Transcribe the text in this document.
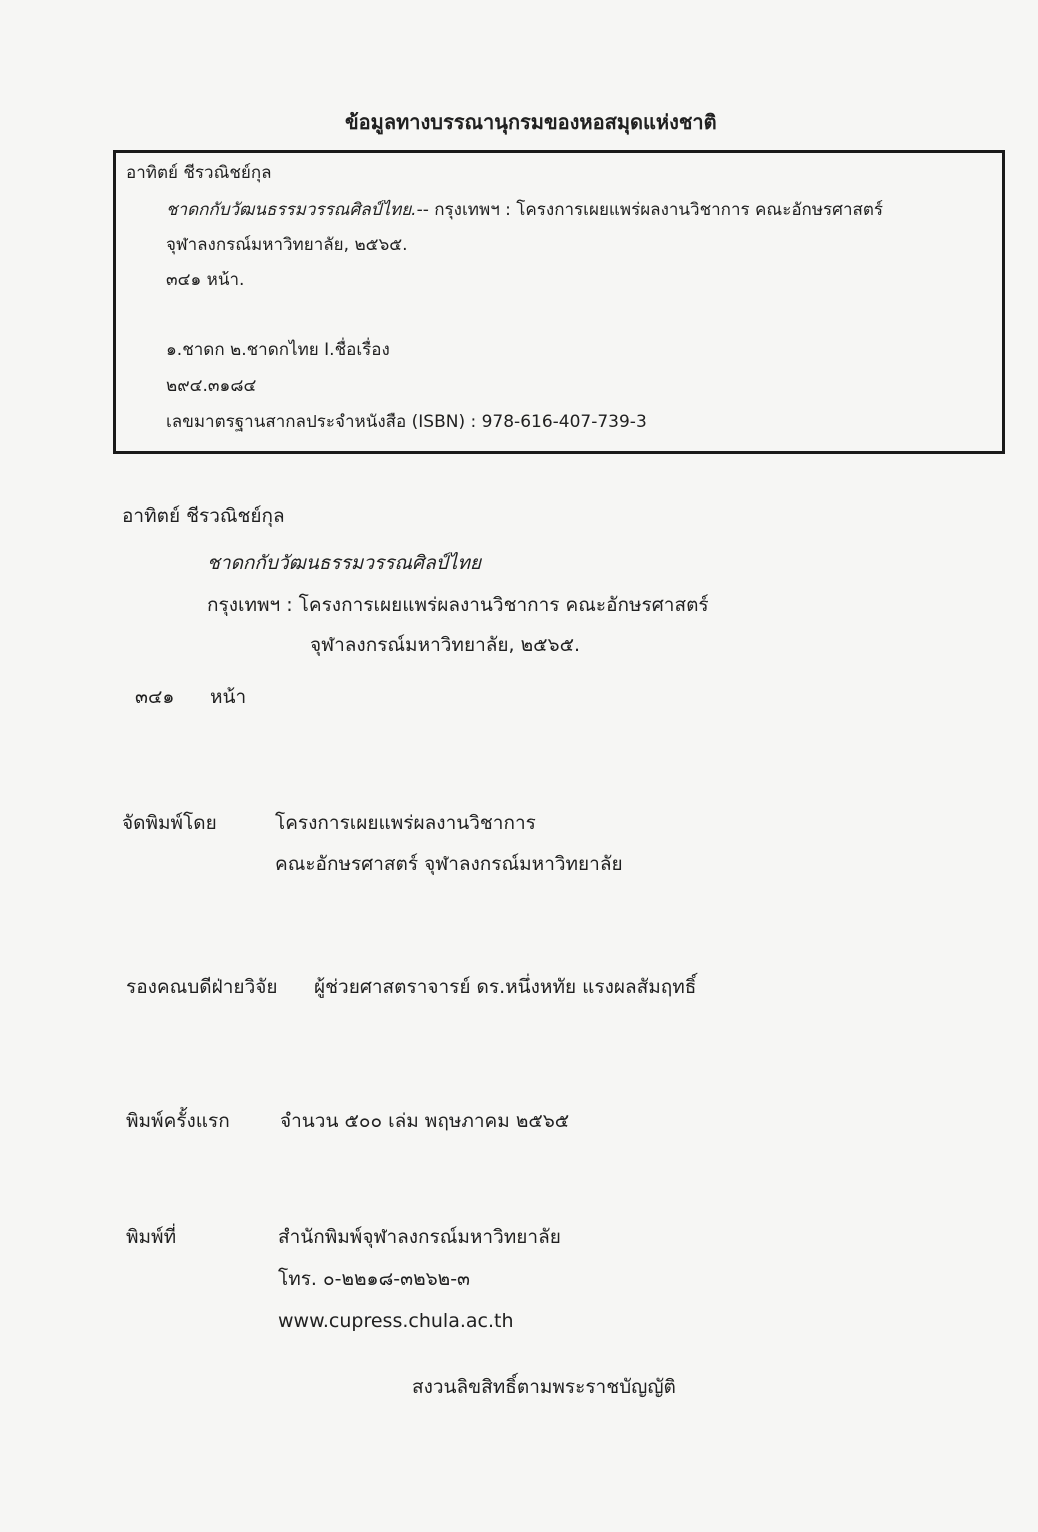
ข้อมูลทางบรรณานุกรมของหอสมุดแห่งชาติ
อาทิตย์ ชีรวณิชย์กุล
ชาดกกับวัฒนธรรมวรรณศิลป์ไทย.-- กรุงเทพฯ : โครงการเผยแพร่ผลงานวิชาการ คณะอักษรศาสตร์
จุฬาลงกรณ์มหาวิทยาลัย, ๒๕๖๕.
๓๔๑ หน้า.
๑.ชาดก ๒.ชาดกไทย I.ชื่อเรื่อง
๒๙๔.๓๑๘๔
เลขมาตรฐานสากลประจำหนังสือ (ISBN) : 978-616-407-739-3
อาทิตย์ ชีรวณิชย์กุล
ชาดกกับวัฒนธรรมวรรณศิลป์ไทย
กรุงเทพฯ : โครงการเผยแพร่ผลงานวิชาการ คณะอักษรศาสตร์
จุฬาลงกรณ์มหาวิทยาลัย, ๒๕๖๕.
๓๔๑ หน้า
จัดพิมพ์โดย	โครงการเผยแพร่ผลงานวิชาการ
คณะอักษรศาสตร์ จุฬาลงกรณ์มหาวิทยาลัย
รองคณบดีฝ่ายวิจัย ผู้ช่วยศาสตราจารย์ ดร.หนึ่งหทัย แรงผลสัมฤทธิ์
พิมพ์ครั้งแรก	จำนวน ๕๐๐ เล่ม พฤษภาคม ๒๕๖๕
พิมพ์ที่	สำนักพิมพ์จุฬาลงกรณ์มหาวิทยาลัย
โทร. ๐-๒๒๑๘-๓๒๖๒-๓
www.cupress.chula.ac.th
สงวนลิขสิทธิ์ตามพระราชบัญญัติ
